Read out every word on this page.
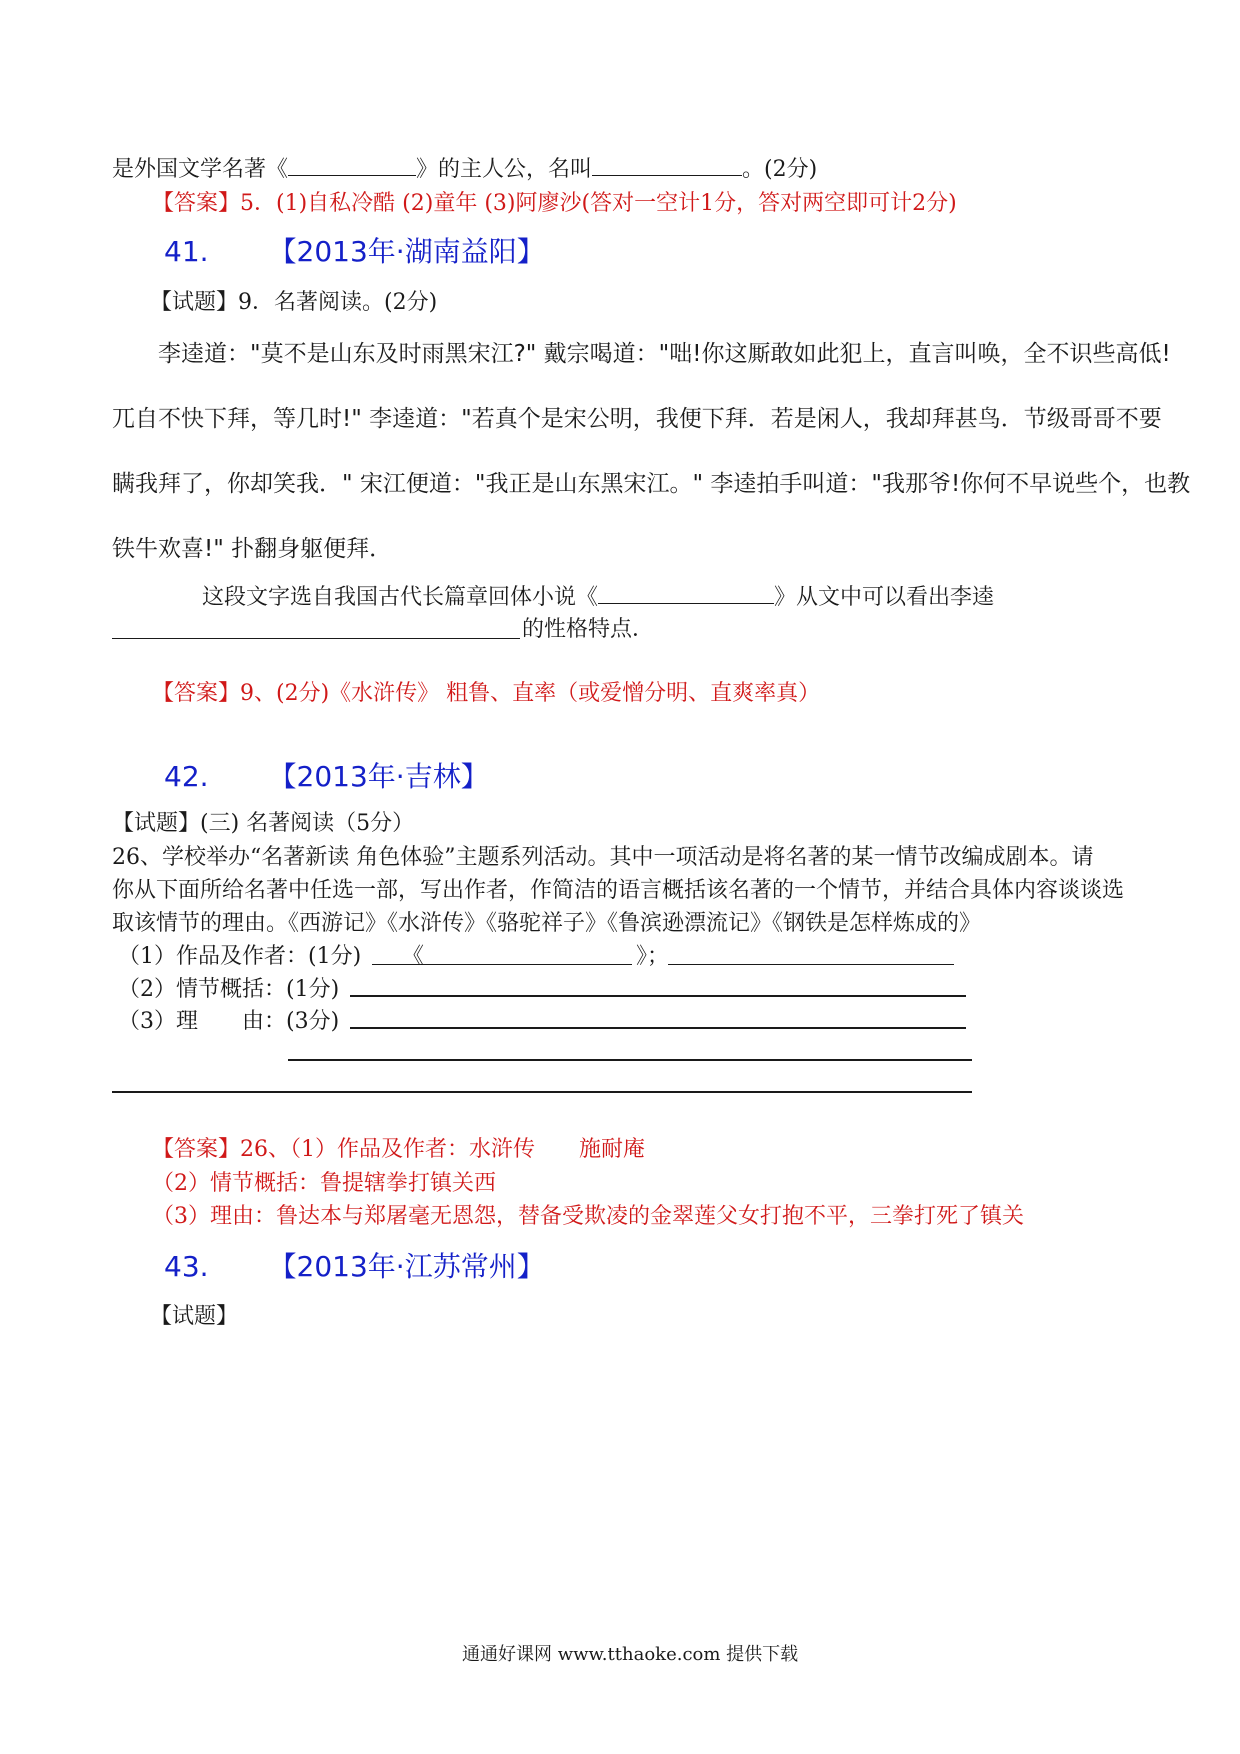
是外国文学名著《	》的主人公，名叫	。(2分)
【答案】5．(1)自私冷酷 (2)童年 (3)阿廖沙(答对一空计1分，答对两空即可计2分)
41. 【2013年·湖南益阳】
【试题】9．名著阅读。(2分)
李逵道："莫不是山东及时雨黑宋江?" 戴宗喝道："咄!你这厮敢如此犯上，直言叫唤，全不识些高低!
兀自不快下拜，等几时!" 李逵道："若真个是宋公明，我便下拜．若是闲人，我却拜甚鸟．节级哥哥不要
瞒我拜了，你却笑我．" 宋江便道："我正是山东黑宋江。" 李逵拍手叫道："我那爷!你何不早说些个，也教
铁牛欢喜!" 扑翻身躯便拜．
这段文字选自我国古代长篇章回体小说《	》从文中可以看出李逵
的性格特点．
【答案】9、(2分)《水浒传》 粗鲁、直率（或爱憎分明、直爽率真）
42. 【2013年·吉林】
【试题】(三) 名著阅读（5分）
26、学校举办“名著新读 角色体验”主题系列活动。其中一项活动是将名著的某一情节改编成剧本。请
你从下面所给名著中任选一部，写出作者，作简洁的语言概括该名著的一个情节，并结合具体内容谈谈选
取该情节的理由。《西游记》《水浒传》《骆驼祥子》《鲁滨逊漂流记》《钢铁是怎样炼成的》
（1）作品及作者：(1分) 《	》；
（2）情节概括：(1分)
（3）理　　由：(3分)
【答案】26、（1）作品及作者：水浒传　　施耐庵
（2）情节概括：鲁提辖拳打镇关西
（3）理由：鲁达本与郑屠毫无恩怨，替备受欺凌的金翠莲父女打抱不平，三拳打死了镇关
43. 【2013年·江苏常州】
【试题】
通通好课网 www.tthaoke.com 提供下载
